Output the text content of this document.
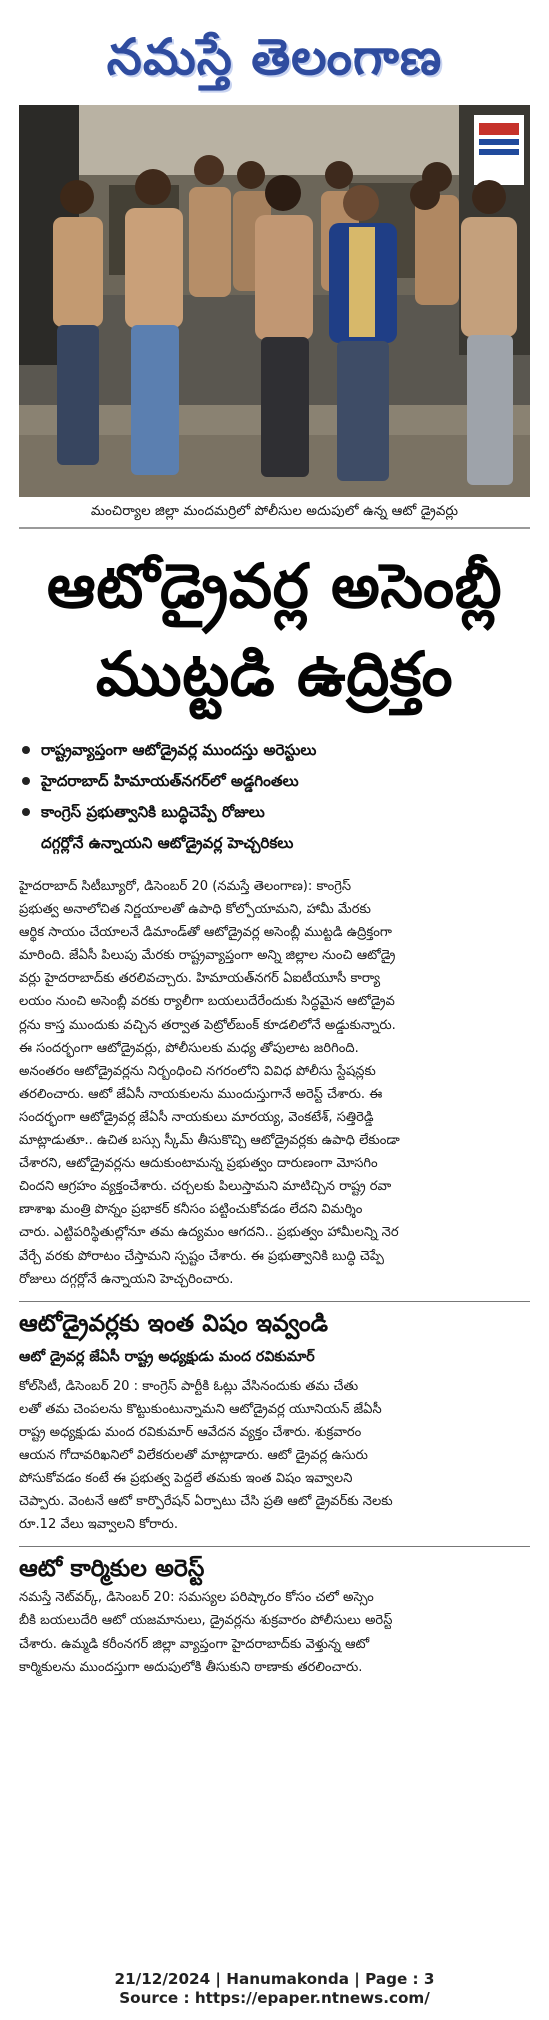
నమస్తే తెలంగాణ
మంచిర్యాల జిల్లా మందమర్రిలో పోలీసుల అదుపులో ఉన్న ఆటో డ్రైవర్లు
ఆటోడ్రైవర్ల అసెంబ్లీ
ముట్టడి ఉద్రిక్తం
రాష్ట్రవ్యాప్తంగా ఆటోడ్రైవర్ల ముందస్తు అరెస్టులు
హైదరాబాద్ హిమాయత్‌నగర్‌లో అడ్డగింతలు
కాంగ్రెస్ ప్రభుత్వానికి బుద్ధిచెప్పే రోజులు
దగ్గర్లోనే ఉన్నాయని ఆటోడ్రైవర్ల హెచ్చరికలు
హైదరాబాద్ సిటీబ్యూరో, డిసెంబర్ 20 (నమస్తే తెలంగాణ): కాంగ్రెస్
ప్రభుత్వ అనాలోచిత నిర్ణయాలతో ఉపాధి కోల్పోయామని, హామీ మేరకు
ఆర్థిక సాయం చేయాలనే డిమాండ్‌తో ఆటోడ్రైవర్ల అసెంబ్లీ ముట్టడి ఉద్రిక్తంగా
మారింది. జేఏసీ పిలుపు మేరకు రాష్ట్రవ్యాప్తంగా అన్ని జిల్లాల నుంచి ఆటోడ్రై
వర్లు హైదరాబాద్‌కు తరలివచ్చారు. హిమాయత్‌నగర్ ఏఐటీయూసీ కార్యా
లయం నుంచి అసెంబ్లీ వరకు ర్యాలీగా బయలుదేరేందుకు సిద్ధమైన ఆటోడ్రైవ
ర్లను కాస్త ముందుకు వచ్చిన తర్వాత పెట్రోల్‌బంక్ కూడలిలోనే అడ్డుకున్నారు.
ఈ సందర్భంగా ఆటోడ్రైవర్లు, పోలీసులకు మధ్య తోపులాట జరిగింది.
అనంతరం ఆటోడ్రైవర్లను నిర్బంధించి నగరంలోని వివిధ పోలీసు స్టేషన్లకు
తరలించారు. ఆటో జేఏసీ నాయకులను ముందుస్తుగానే అరెస్ట్ చేశారు. ఈ
సందర్భంగా ఆటోడ్రైవర్ల జేఏసీ నాయకులు మారయ్య, వెంకటేశ్, సత్తిరెడ్డి
మాట్లాడుతూ.. ఉచిత బస్సు స్కీమ్ తీసుకొచ్చి ఆటోడ్రైవర్లకు ఉపాధి లేకుండా
చేశారని, ఆటోడ్రైవర్లను ఆదుకుంటామన్న ప్రభుత్వం దారుణంగా మోసగిం
చిందని ఆగ్రహం వ్యక్తంచేశారు. చర్చలకు పిలుస్తామని మాటిచ్చిన రాష్ట్ర రవా
ణాశాఖ మంత్రి పొన్నం ప్రభాకర్ కనీసం పట్టించుకోవడం లేదని విమర్శిం
చారు. ఎట్టిపరిస్థితుల్లోనూ తమ ఉద్యమం ఆగదని.. ప్రభుత్వం హామీలన్ని నెర
వేర్చే వరకు పోరాటం చేస్తామని స్పష్టం చేశారు. ఈ ప్రభుత్వానికి బుద్ధి చెప్పే
రోజులు దగ్గర్లోనే ఉన్నాయని హెచ్చరించారు.
ఆటోడ్రైవర్లకు ఇంత విషం ఇవ్వండి
ఆటో డ్రైవర్ల జేఏసీ రాష్ట్ర అధ్యక్షుడు మంద రవికుమార్
కోల్‌సిటీ, డిసెంబర్ 20 : కాంగ్రెస్ పార్టీకి ఓట్లు వేసినందుకు తమ చేతు
లతో తమ చెంపలను కొట్టుకుంటున్నామని ఆటోడ్రైవర్ల యూనియన్ జేఏసీ
రాష్ట్ర అధ్యక్షుడు మంద రవికుమార్ ఆవేదన వ్యక్తం చేశారు. శుక్రవారం
ఆయన గోదావరిఖనిలో విలేకరులతో మాట్లాడారు. ఆటో డ్రైవర్ల ఉసురు
పోసుకోవడం కంటే ఈ ప్రభుత్వ పెద్దలే తమకు ఇంత విషం ఇవ్వాలని
చెప్పారు. వెంటనే ఆటో కార్పొరేషన్ ఏర్పాటు చేసి ప్రతి ఆటో డ్రైవర్‌కు నెలకు
రూ.12 వేలు ఇవ్వాలని కోరారు.
ఆటో కార్మికుల అరెస్ట్
నమస్తే నెట్‌వర్క్, డిసెంబర్ 20: సమస్యల పరిష్కారం కోసం చలో అస్సెం
బీకి బయలుదేరి ఆటో యజమానులు, డ్రైవర్లను శుక్రవారం పోలీసులు అరెస్ట్
చేశారు. ఉమ్మడి కరీంనగర్ జిల్లా వ్యాప్తంగా హైదరాబాద్‌కు వెళ్తున్న ఆటో
కార్మికులను ముందస్తుగా అదుపులోకి తీసుకుని ఠాణాకు తరలించారు.
21/12/2024 | Hanumakonda | Page : 3
Source : https://epaper.ntnews.com/
